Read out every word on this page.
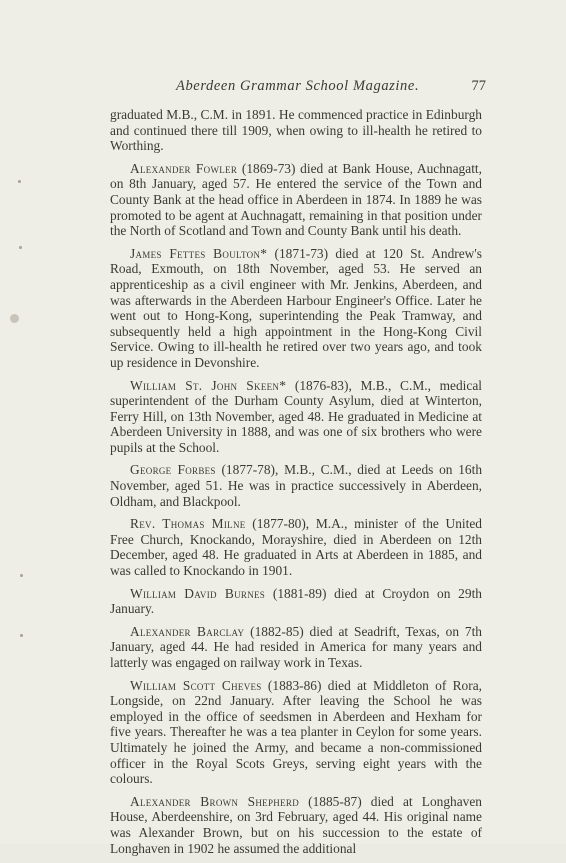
Aberdeen Grammar School Magazine.	77

graduated M.B., C.M. in 1891. He commenced practice in Edinburgh and continued there till 1909, when owing to ill-health he retired to Worthing.

Alexander Fowler (1869-73) died at Bank House, Auchnagatt, on 8th January, aged 57. He entered the service of the Town and County Bank at the head office in Aberdeen in 1874. In 1889 he was promoted to be agent at Auchnagatt, remaining in that position under the North of Scotland and Town and County Bank until his death.

James Fettes Boulton* (1871-73) died at 120 St. Andrew's Road, Exmouth, on 18th November, aged 53. He served an apprenticeship as a civil engineer with Mr. Jenkins, Aberdeen, and was afterwards in the Aberdeen Harbour Engineer's Office. Later he went out to Hong-Kong, superintending the Peak Tramway, and subsequently held a high appointment in the Hong-Kong Civil Service. Owing to ill-health he retired over two years ago, and took up residence in Devonshire.

William St. John Skeen* (1876-83), M.B., C.M., medical superintendent of the Durham County Asylum, died at Winterton, Ferry Hill, on 13th November, aged 48. He graduated in Medicine at Aberdeen University in 1888, and was one of six brothers who were pupils at the School.

George Forbes (1877-78), M.B., C.M., died at Leeds on 16th November, aged 51. He was in practice successively in Aberdeen, Oldham, and Blackpool.

Rev. Thomas Milne (1877-80), M.A., minister of the United Free Church, Knockando, Morayshire, died in Aberdeen on 12th December, aged 48. He graduated in Arts at Aberdeen in 1885, and was called to Knockando in 1901.

William David Burnes (1881-89) died at Croydon on 29th January.

Alexander Barclay (1882-85) died at Seadrift, Texas, on 7th January, aged 44. He had resided in America for many years and latterly was engaged on railway work in Texas.

William Scott Cheves (1883-86) died at Middleton of Rora, Longside, on 22nd January. After leaving the School he was employed in the office of seedsmen in Aberdeen and Hexham for five years. Thereafter he was a tea planter in Ceylon for some years. Ultimately he joined the Army, and became a non-commissioned officer in the Royal Scots Greys, serving eight years with the colours.

Alexander Brown Shepherd (1885-87) died at Longhaven House, Aberdeenshire, on 3rd February, aged 44. His original name was Alexander Brown, but on his succession to the estate of Longhaven in 1902 he assumed the additional
